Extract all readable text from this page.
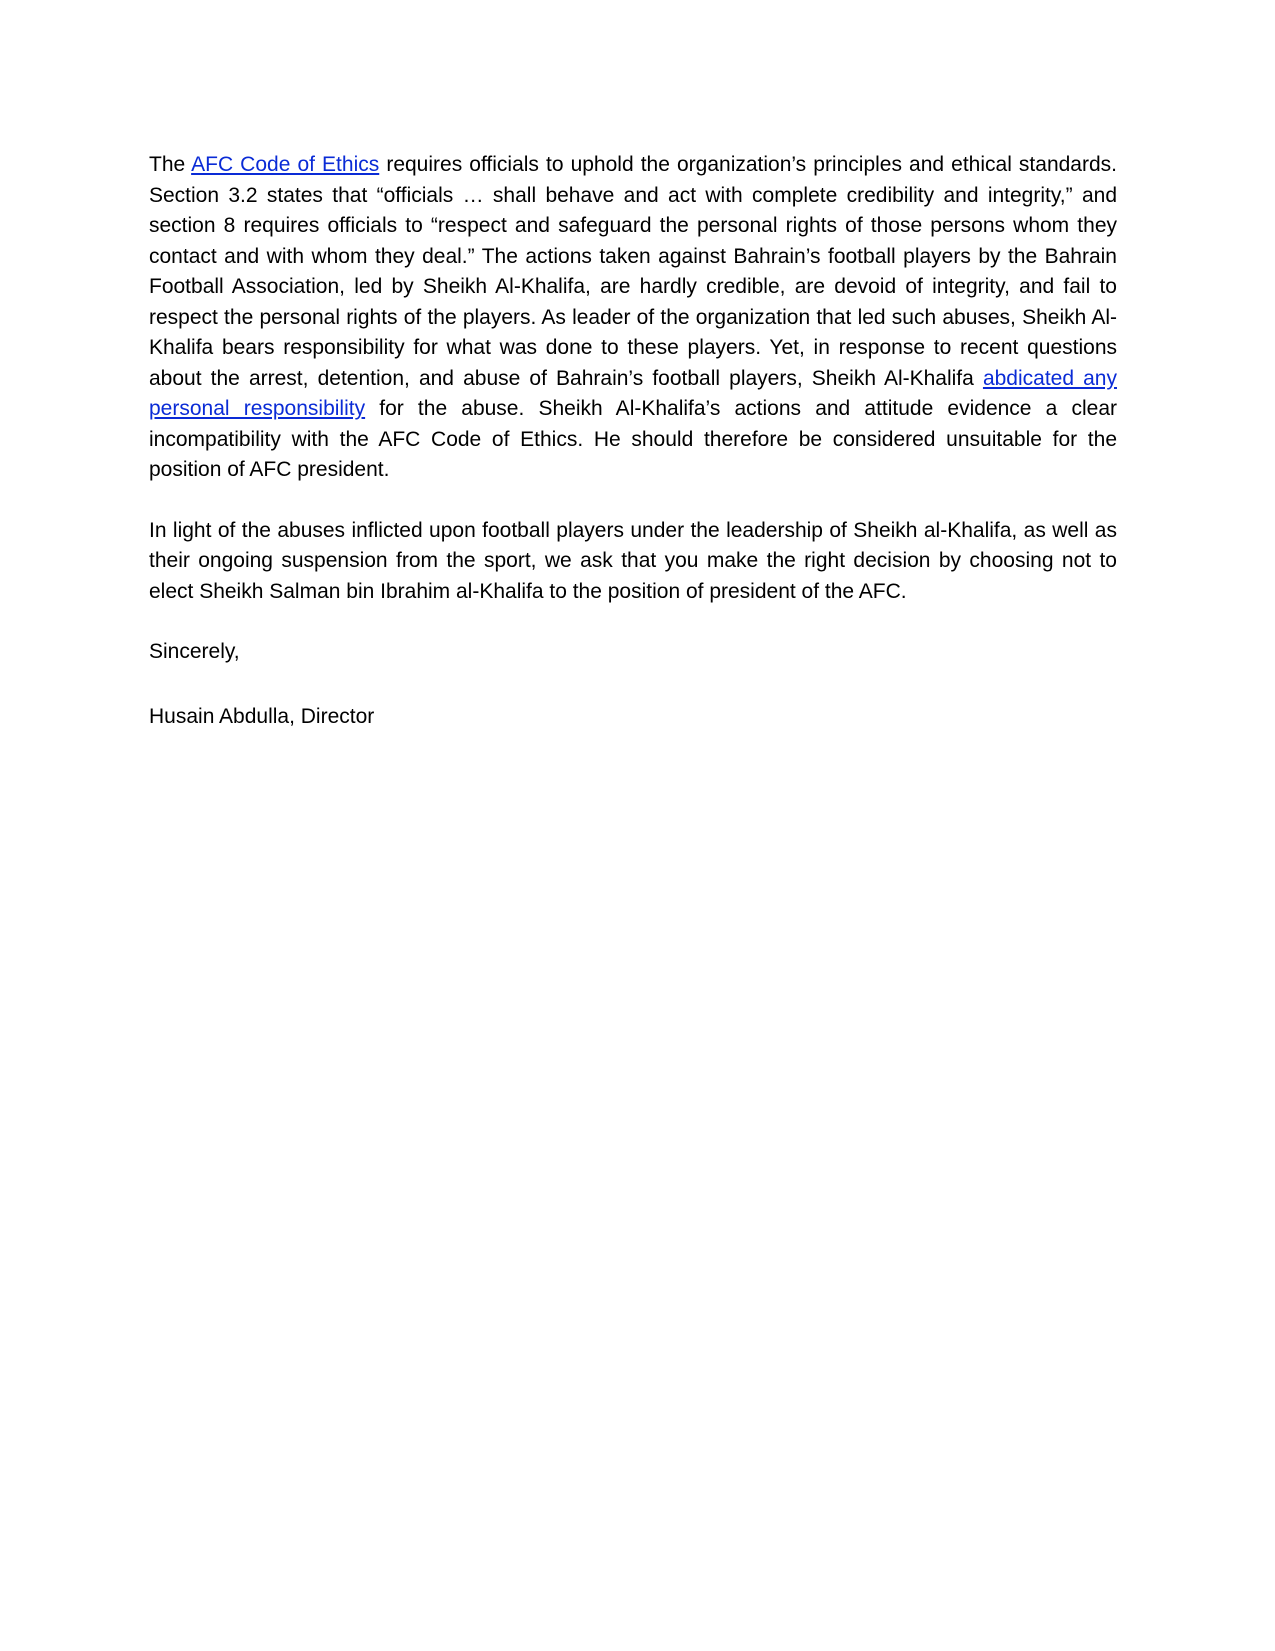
The AFC Code of Ethics requires officials to uphold the organization’s principles and ethical standards. Section 3.2 states that “officials … shall behave and act with complete credibility and integrity,” and section 8 requires officials to “respect and safeguard the personal rights of those persons whom they contact and with whom they deal.” The actions taken against Bahrain’s football players by the Bahrain Football Association, led by Sheikh Al-Khalifa, are hardly credible, are devoid of integrity, and fail to respect the personal rights of the players. As leader of the organization that led such abuses, Sheikh Al-Khalifa bears responsibility for what was done to these players. Yet, in response to recent questions about the arrest, detention, and abuse of Bahrain’s football players, Sheikh Al-Khalifa abdicated any personal responsibility for the abuse. Sheikh Al-Khalifa’s actions and attitude evidence a clear incompatibility with the AFC Code of Ethics. He should therefore be considered unsuitable for the position of AFC president.

In light of the abuses inflicted upon football players under the leadership of Sheikh al-Khalifa, as well as their ongoing suspension from the sport, we ask that you make the right decision by choosing not to elect Sheikh Salman bin Ibrahim al-Khalifa to the position of president of the AFC.

Sincerely,

Husain Abdulla, Director
